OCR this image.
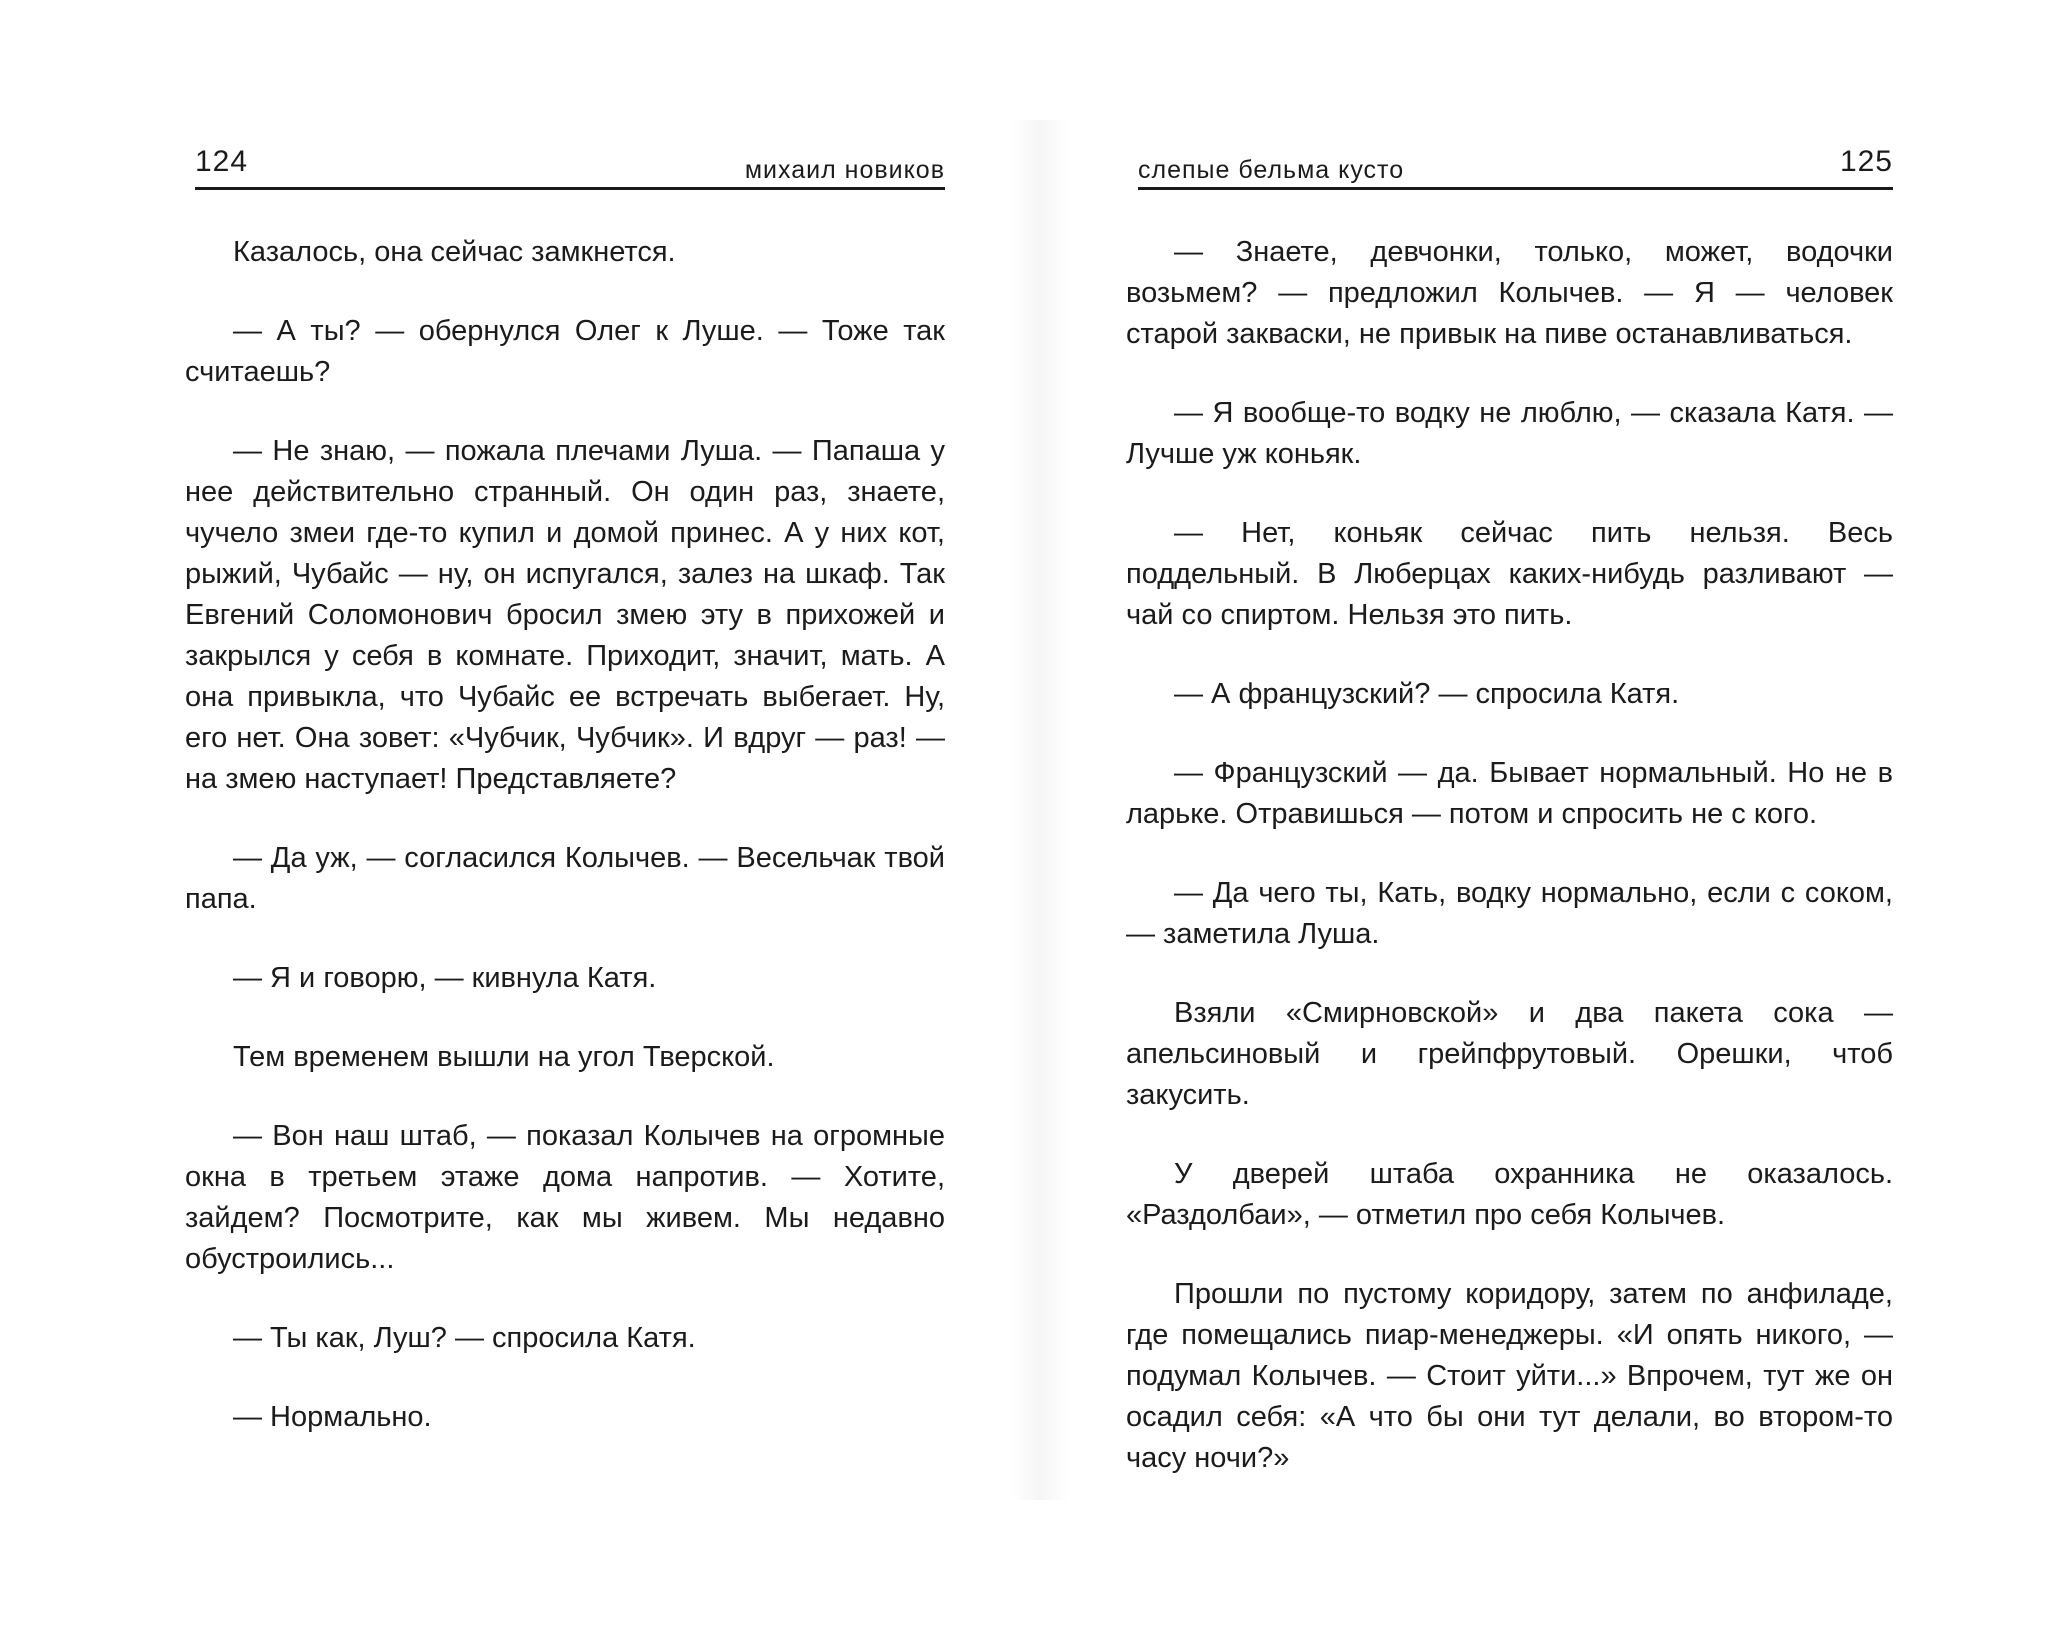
124	михаил новиков

Казалось, она сейчас замкнется.

— А ты? — обернулся Олег к Луше. — Тоже так считаешь?

— Не знаю, — пожала плечами Луша. — Папаша у нее действительно странный. Он один раз, знаете, чучело змеи где-то купил и домой принес. А у них кот, рыжий, Чубайс — ну, он испугался, залез на шкаф. Так Евгений Соломонович бросил змею эту в прихожей и закрылся у себя в комнате. Приходит, значит, мать. А она привыкла, что Чубайс ее встречать выбегает. Ну, его нет. Она зовет: «Чубчик, Чубчик». И вдруг — раз! — на змею наступает! Представляете?

— Да уж, — согласился Колычев. — Весельчак твой папа.

— Я и говорю, — кивнула Катя.

Тем временем вышли на угол Тверской.

— Вон наш штаб, — показал Колычев на огромные окна в третьем этаже дома напротив. — Хотите, зайдем? Посмотрите, как мы живем. Мы недавно обустроились...

— Ты как, Луш? — спросила Катя.

— Нормально.

слепые бельма кусто	125

— Знаете, девчонки, только, может, водочки возьмем? — предложил Колычев. — Я — человек старой закваски, не привык на пиве останавливаться.

— Я вообще-то водку не люблю, — сказала Катя. — Лучше уж коньяк.

— Нет, коньяк сейчас пить нельзя. Весь поддельный. В Люберцах каких-нибудь разливают — чай со спиртом. Нельзя это пить.

— А французский? — спросила Катя.

— Французский — да. Бывает нормальный. Но не в ларьке. Отравишься — потом и спросить не с кого.

— Да чего ты, Кать, водку нормально, если с соком, — заметила Луша.

Взяли «Смирновской» и два пакета сока — апельсиновый и грейпфрутовый. Орешки, чтоб закусить.

У дверей штаба охранника не оказалось. «Раздолбаи», — отметил про себя Колычев.

Прошли по пустому коридору, затем по анфиладе, где помещались пиар-менеджеры. «И опять никого, — подумал Колычев. — Стоит уйти...» Впрочем, тут же он осадил себя: «А что бы они тут делали, во втором-то часу ночи?»
